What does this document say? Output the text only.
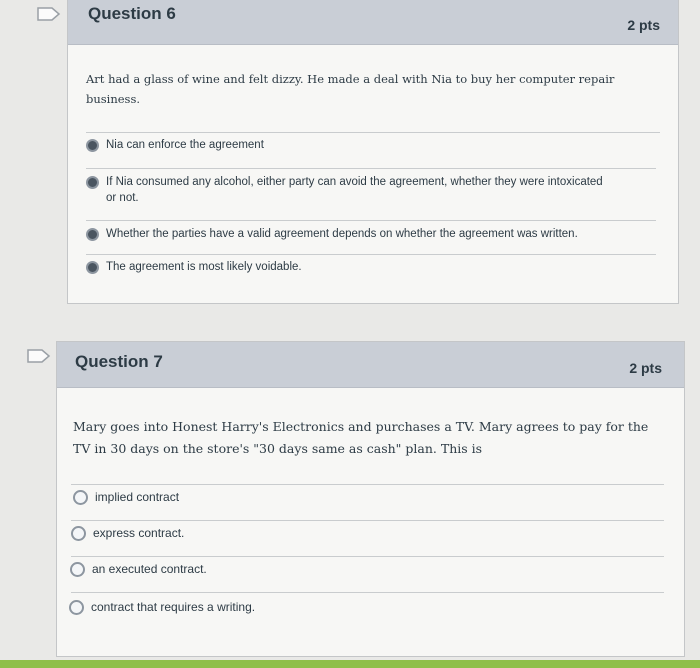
Question 6
2 pts
Art had a glass of wine and felt dizzy. He made a deal with Nia to buy her computer repair business.
Nia can enforce the agreement
If Nia consumed any alcohol, either party can avoid the agreement, whether they were intoxicated or not.
Whether the parties have a valid agreement depends on whether the agreement was written.
The agreement is most likely voidable.
Question 7	2 pts
Mary goes into Honest Harry's Electronics and purchases a TV. Mary agrees to pay for the TV in 30 days on the store's "30 days same as cash" plan. This is
implied contract
express contract.
an executed contract.
contract that requires a writing.
